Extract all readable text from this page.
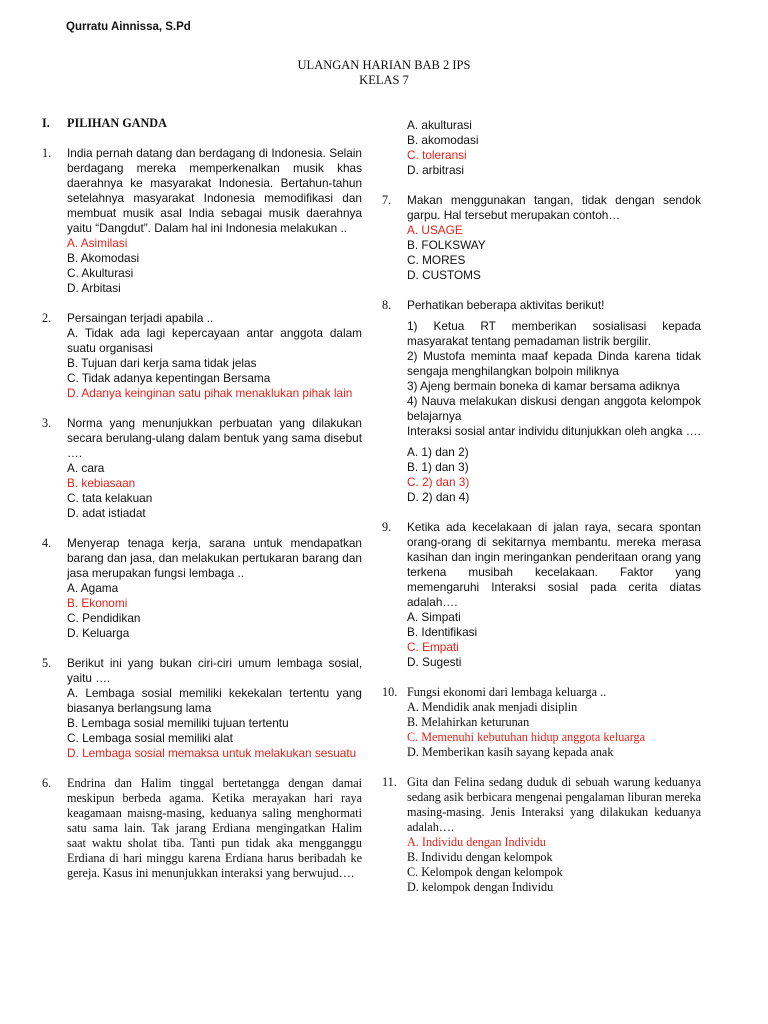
Qurratu Ainnissa, S.Pd
ULANGAN HARIAN BAB 2 IPS
KELAS 7
I. PILIHAN GANDA
1. India pernah datang dan berdagang di Indonesia. Selain berdagang mereka memperkenalkan musik khas daerahnya ke masyarakat Indonesia. Bertahun-tahun setelahnya masyarakat Indonesia memodifikasi dan membuat musik asal India sebagai musik daerahnya yaitu “Dangdut”. Dalam hal ini Indonesia melakukan ..
A. Asimilasi
B. Akomodasi
C. Akulturasi
D. Arbitasi
2. Persaingan terjadi apabila ..
A. Tidak ada lagi kepercayaan antar anggota dalam suatu organisasi
B. Tujuan dari kerja sama tidak jelas
C. Tidak adanya kepentingan Bersama
D. Adanya keinginan satu pihak menaklukan pihak lain
3. Norma yang menunjukkan perbuatan yang dilakukan secara berulang-ulang dalam bentuk yang sama disebut ….
A. cara
B. kebiasaan
C. tata kelakuan
D. adat istiadat
4. Menyerap tenaga kerja, sarana untuk mendapatkan barang dan jasa, dan melakukan pertukaran barang dan jasa merupakan fungsi lembaga ..
A. Agama
B. Ekonomi
C. Pendidikan
D. Keluarga
5. Berikut ini yang bukan ciri-ciri umum lembaga sosial, yaitu ….
A. Lembaga sosial memiliki kekekalan tertentu yang biasanya berlangsung lama
B. Lembaga sosial memiliki tujuan tertentu
C. Lembaga sosial memiliki alat
D. Lembaga sosial memaksa untuk melakukan sesuatu
6. Endrina dan Halim tinggal bertetangga dengan damai meskipun berbeda agama. Ketika merayakan hari raya keagamaan maisng-masing, keduanya saling menghormati satu sama lain. Tak jarang Erdiana mengingatkan Halim saat waktu sholat tiba. Tanti pun tidak aka mengganggu Erdiana di hari minggu karena Erdiana harus beribadah ke gereja. Kasus ini menunjukkan interaksi yang berwujud….
A. akulturasi
B. akomodasi
C. toleransi
D. arbitrasi
7. Makan menggunakan tangan, tidak dengan sendok garpu. Hal tersebut merupakan contoh…
A. USAGE
B. FOLKSWAY
C. MORES
D. CUSTOMS
8. Perhatikan beberapa aktivitas berikut!
1) Ketua RT memberikan sosialisasi kepada masyarakat tentang pemadaman listrik bergilir.
2) Mustofa meminta maaf kepada Dinda karena tidak sengaja menghilangkan bolpoin miliknya
3) Ajeng bermain boneka di kamar bersama adiknya
4) Nauva melakukan diskusi dengan anggota kelompok belajarnya
Interaksi sosial antar individu ditunjukkan oleh angka ….
A. 1) dan 2)
B. 1) dan 3)
C. 2) dan 3)
D. 2) dan 4)
9. Ketika ada kecelakaan di jalan raya, secara spontan orang-orang di sekitarnya membantu. mereka merasa kasihan dan ingin meringankan penderitaan orang yang terkena musibah kecelakaan. Faktor yang memengaruhi Interaksi sosial pada cerita diatas adalah….
A. Simpati
B. Identifikasi
C. Empati
D. Sugesti
10. Fungsi ekonomi dari lembaga keluarga ..
A. Mendidik anak menjadi disiplin
B. Melahirkan keturunan
C. Memenuhi kebutuhan hidup anggota keluarga
D. Memberikan kasih sayang kepada anak
11. Gita dan Felina sedang duduk di sebuah warung keduanya sedang asik berbicara mengenai pengalaman liburan mereka masing-masing. Jenis Interaksi yang dilakukan keduanya adalah….
A. Individu dengan Individu
B. Individu dengan kelompok
C. Kelompok dengan kelompok
D. kelompok dengan Individu
